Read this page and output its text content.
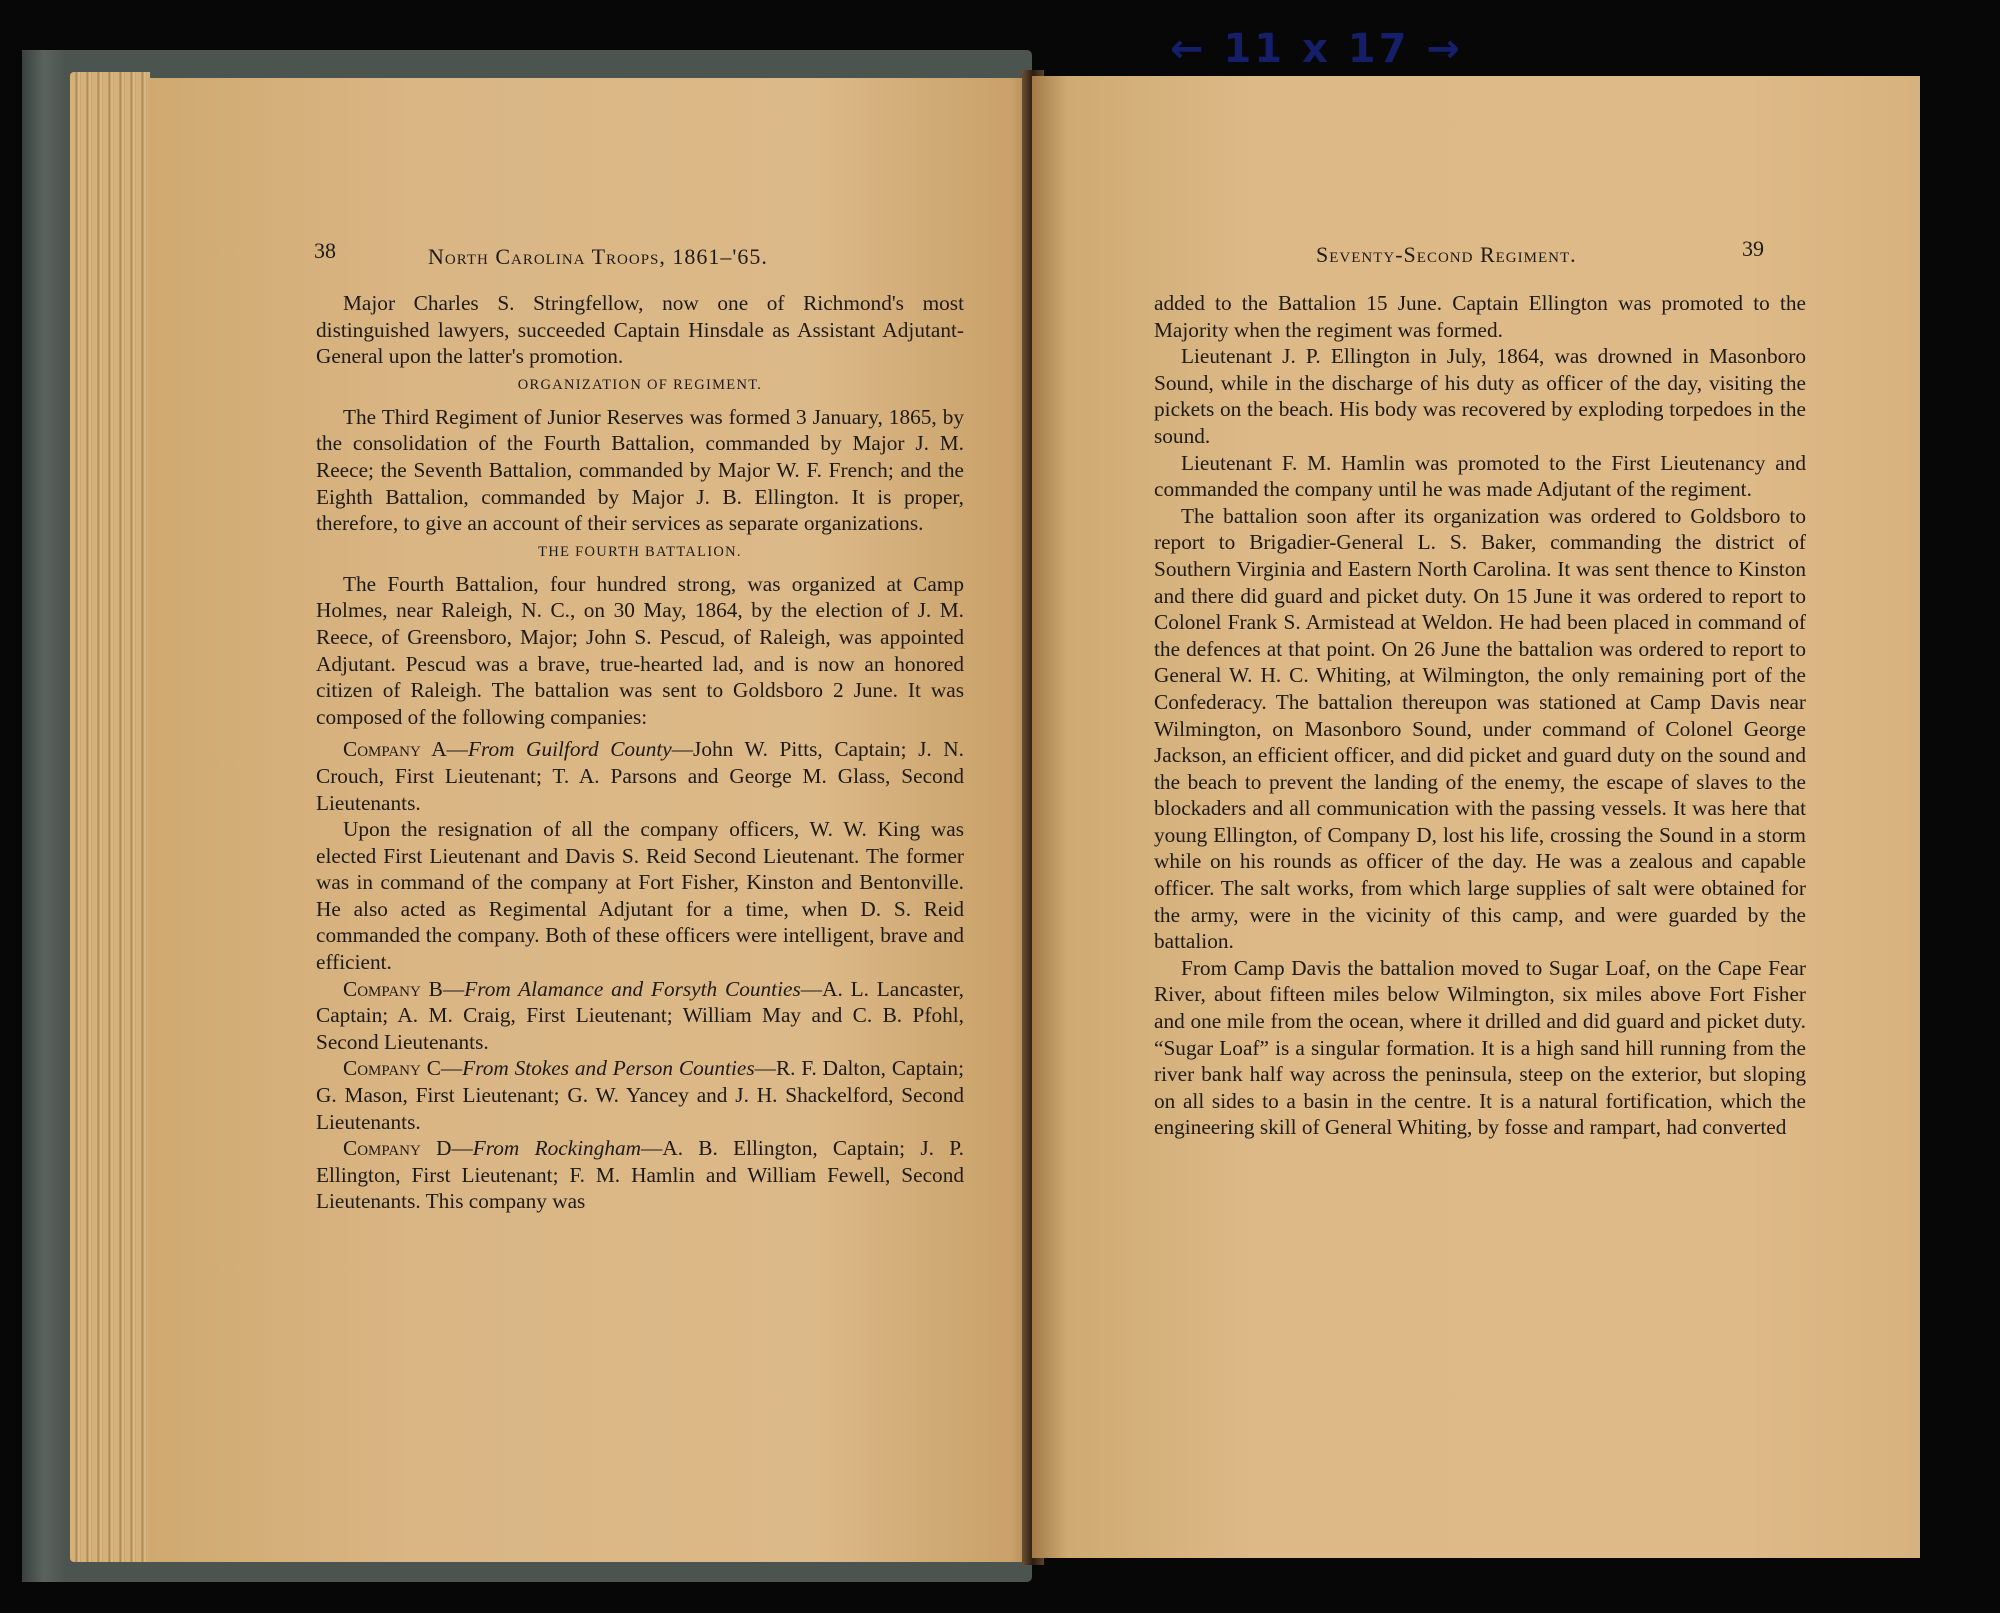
← 11 x 17 →
38	North Carolina Troops, 1861–'65.

Major Charles S. Stringfellow, now one of Richmond's most distinguished lawyers, succeeded Captain Hinsdale as Assistant Adjutant-General upon the latter's promotion.

ORGANIZATION OF REGIMENT.

The Third Regiment of Junior Reserves was formed 3 January, 1865, by the consolidation of the Fourth Battalion, commanded by Major J. M. Reece; the Seventh Battalion, commanded by Major W. F. French; and the Eighth Battalion, commanded by Major J. B. Ellington. It is proper, therefore, to give an account of their services as separate organizations.

THE FOURTH BATTALION.

The Fourth Battalion, four hundred strong, was organized at Camp Holmes, near Raleigh, N. C., on 30 May, 1864, by the election of J. M. Reece, of Greensboro, Major; John S. Pescud, of Raleigh, was appointed Adjutant. Pescud was a brave, true-hearted lad, and is now an honored citizen of Raleigh. The battalion was sent to Goldsboro 2 June. It was composed of the following companies:

Company A—From Guilford County—John W. Pitts, Captain; J. N. Crouch, First Lieutenant; T. A. Parsons and George M. Glass, Second Lieutenants.

Upon the resignation of all the company officers, W. W. King was elected First Lieutenant and Davis S. Reid Second Lieutenant. The former was in command of the company at Fort Fisher, Kinston and Bentonville. He also acted as Regimental Adjutant for a time, when D. S. Reid commanded the company. Both of these officers were intelligent, brave and efficient.

Company B—From Alamance and Forsyth Counties—A. L. Lancaster, Captain; A. M. Craig, First Lieutenant; William May and C. B. Pfohl, Second Lieutenants.

Company C—From Stokes and Person Counties—R. F. Dalton, Captain; G. Mason, First Lieutenant; G. W. Yancey and J. H. Shackelford, Second Lieutenants.

Company D—From Rockingham—A. B. Ellington, Captain; J. P. Ellington, First Lieutenant; F. M. Hamlin and William Fewell, Second Lieutenants. This company was

Seventy-Second Regiment.	39

added to the Battalion 15 June. Captain Ellington was promoted to the Majority when the regiment was formed.

Lieutenant J. P. Ellington in July, 1864, was drowned in Masonboro Sound, while in the discharge of his duty as officer of the day, visiting the pickets on the beach. His body was recovered by exploding torpedoes in the sound.

Lieutenant F. M. Hamlin was promoted to the First Lieutenancy and commanded the company until he was made Adjutant of the regiment.

The battalion soon after its organization was ordered to Goldsboro to report to Brigadier-General L. S. Baker, commanding the district of Southern Virginia and Eastern North Carolina. It was sent thence to Kinston and there did guard and picket duty. On 15 June it was ordered to report to Colonel Frank S. Armistead at Weldon. He had been placed in command of the defences at that point. On 26 June the battalion was ordered to report to General W. H. C. Whiting, at Wilmington, the only remaining port of the Confederacy. The battalion thereupon was stationed at Camp Davis near Wilmington, on Masonboro Sound, under command of Colonel George Jackson, an efficient officer, and did picket and guard duty on the sound and the beach to prevent the landing of the enemy, the escape of slaves to the blockaders and all communication with the passing vessels. It was here that young Ellington, of Company D, lost his life, crossing the Sound in a storm while on his rounds as officer of the day. He was a zealous and capable officer. The salt works, from which large supplies of salt were obtained for the army, were in the vicinity of this camp, and were guarded by the battalion.

From Camp Davis the battalion moved to Sugar Loaf, on the Cape Fear River, about fifteen miles below Wilmington, six miles above Fort Fisher and one mile from the ocean, where it drilled and did guard and picket duty. “Sugar Loaf” is a singular formation. It is a high sand hill running from the river bank half way across the peninsula, steep on the exterior, but sloping on all sides to a basin in the centre. It is a natural fortification, which the engineering skill of General Whiting, by fosse and rampart, had converted
